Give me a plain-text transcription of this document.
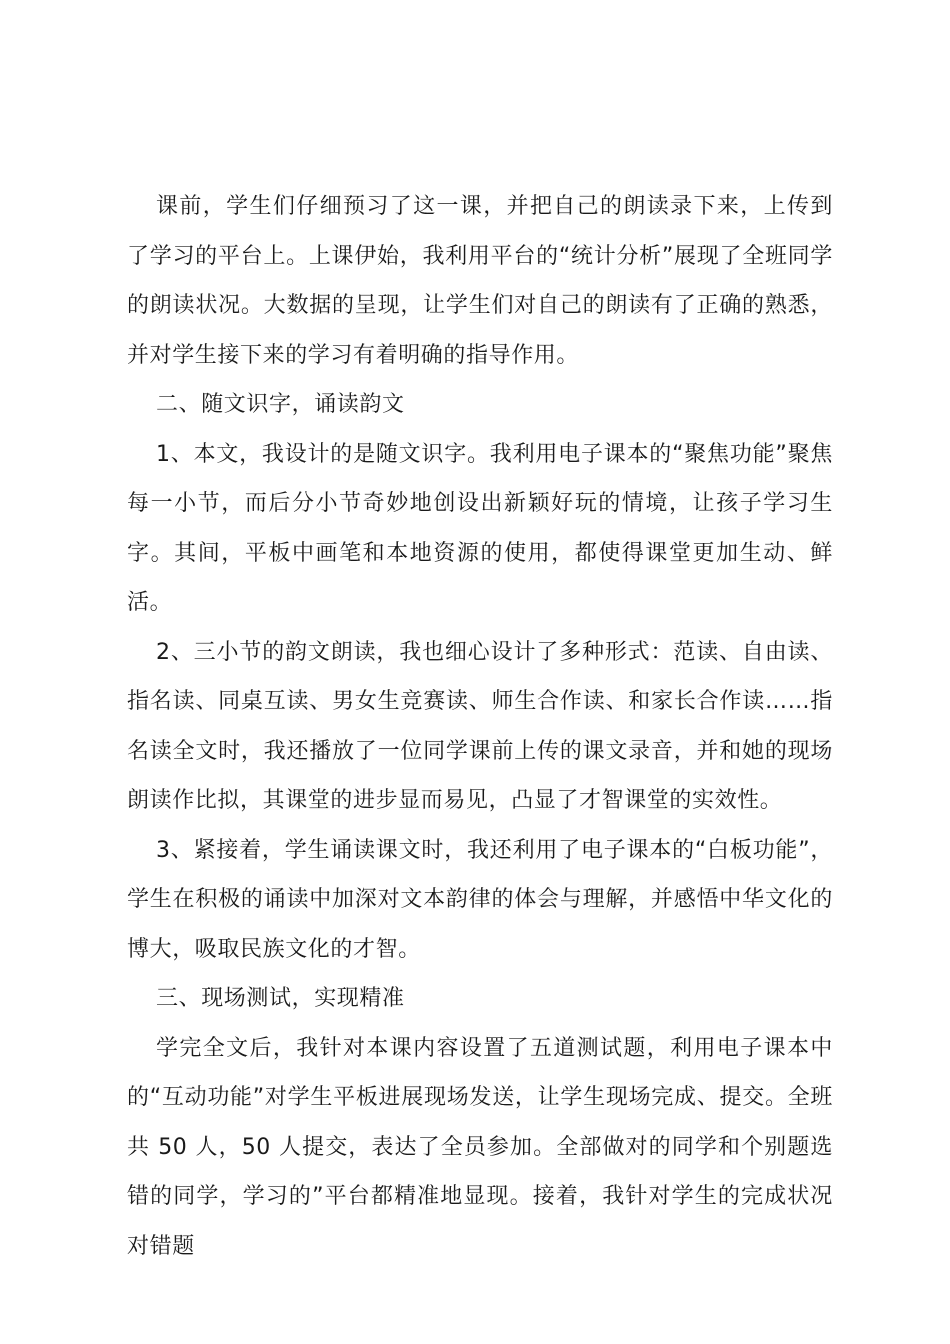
课前，学生们仔细预习了这一课，并把自己的朗读录下来，上传到了学习的平台上。上课伊始，我利用平台的“统计分析”展现了全班同学的朗读状况。大数据的呈现，让学生们对自己的朗读有了正确的熟悉，并对学生接下来的学习有着明确的指导作用。

二、随文识字，诵读韵文

1、本文，我设计的是随文识字。我利用电子课本的“聚焦功能”聚焦每一小节，而后分小节奇妙地创设出新颖好玩的情境，让孩子学习生字。其间，平板中画笔和本地资源的使用，都使得课堂更加生动、鲜活。

2、三小节的韵文朗读，我也细心设计了多种形式：范读、自由读、指名读、同桌互读、男女生竞赛读、师生合作读、和家长合作读……指名读全文时，我还播放了一位同学课前上传的课文录音，并和她的现场朗读作比拟，其课堂的进步显而易见，凸显了才智课堂的实效性。

3、紧接着，学生诵读课文时，我还利用了电子课本的“白板功能”，学生在积极的诵读中加深对文本韵律的体会与理解，并感悟中华文化的博大，吸取民族文化的才智。

三、现场测试，实现精准

学完全文后，我针对本课内容设置了五道测试题，利用电子课本中的“互动功能”对学生平板进展现场发送，让学生现场完成、提交。全班共 50 人，50 人提交，表达了全员参加。全部做对的同学和个别题选错的同学，学习的”平台都精准地显现。接着，我针对学生的完成状况对错题
